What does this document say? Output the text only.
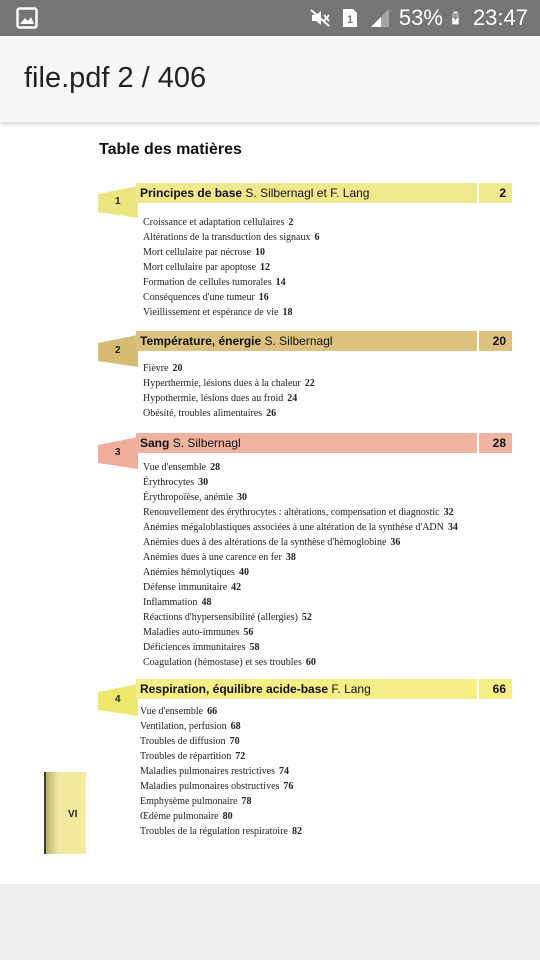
1 53% 23:47
file.pdf 2 / 406
Table des matières
1
2
Principes de base S. Silbernagl et F. Lang
Croissance et adaptation cellulaires 2
Altérations de la transduction des signaux 6
Mort cellulaire par nécrose 10
Mort cellulaire par apoptose 12
Formation de cellules tumorales 14
Conséquences d'une tumeur 16
Vieillissement et espérance de vie 18
2
20
Température, énergie S. Silbernagl
Fièvre 20
Hyperthermie, lésions dues à la chaleur 22
Hypothermie, lésions dues au froid 24
Obésité, troubles alimentaires 26
3
28
Sang S. Silbernagl
Vue d'ensemble 28
Érythrocytes 30
Érythropoïèse, anémie 30
Renouvellement des érythrocytes : altérations, compensation et diagnostic 32
Anémies mégaloblastiques associées à une altération de la synthèse d'ADN 34
Anémies dues à des altérations de la synthèse d'hémoglobine 36
Anémies dues à une carence en fer 38
Anémies hémolytiques 40
Défense immunitaire 42
Inflammation 48
Réactions d'hypersensibilité (allergies) 52
Maladies auto-immunes 56
Déficiences immunitaires 58
Coagulation (hémostase) et ses troubles 60
4
66
Respiration, équilibre acide-base F. Lang
Vue d'ensemble 66
Ventilation, perfusion 68
Troubles de diffusion 70
Troubles de répartition 72
Maladies pulmonaires restrictives 74
Maladies pulmonaires obstructives 76
Emphysème pulmonaire 78
Œdème pulmonaire 80
Troubles de la régulation respiratoire 82
VI
